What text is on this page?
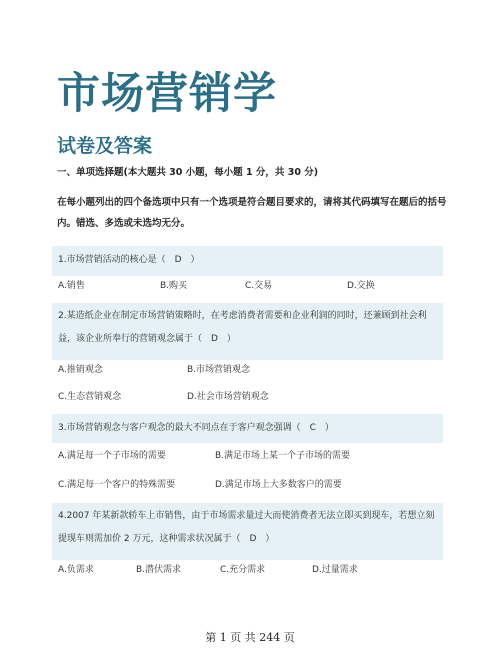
市场营销学
试卷及答案
一、单项选择题(本大题共 30 小题，每小题 1 分，共 30 分)
在每小题列出的四个备选项中只有一个选项是符合题目要求的，请将其代码填写在题后的括号内。错选、多选或未选均无分。
1.市场营销活动的核心是（　D　）
A.销售	B.购买	C.交易	D.交换
2.某造纸企业在制定市场营销策略时，在考虑消费者需要和企业利润的同时，还兼顾到社会利益，该企业所奉行的营销观念属于（　D　）
A.推销观念	B.市场营销观念
C.生态营销观念	D.社会市场营销观念
3.市场营销观念与客户观念的最大不同点在于客户观念强调（　C　）
A.满足每一个子市场的需要	B.满足市场上某一个子市场的需要
C.满足每一个客户的特殊需要	D.满足市场上大多数客户的需要
4.2007 年某新款轿车上市销售，由于市场需求量过大而使消费者无法立即买到现车，若想立刻提现车则需加价 2 万元，这种需求状况属于（　D　）
A.负需求	B.潜伏需求	C.充分需求	D.过量需求
第 1 页 共 244 页
